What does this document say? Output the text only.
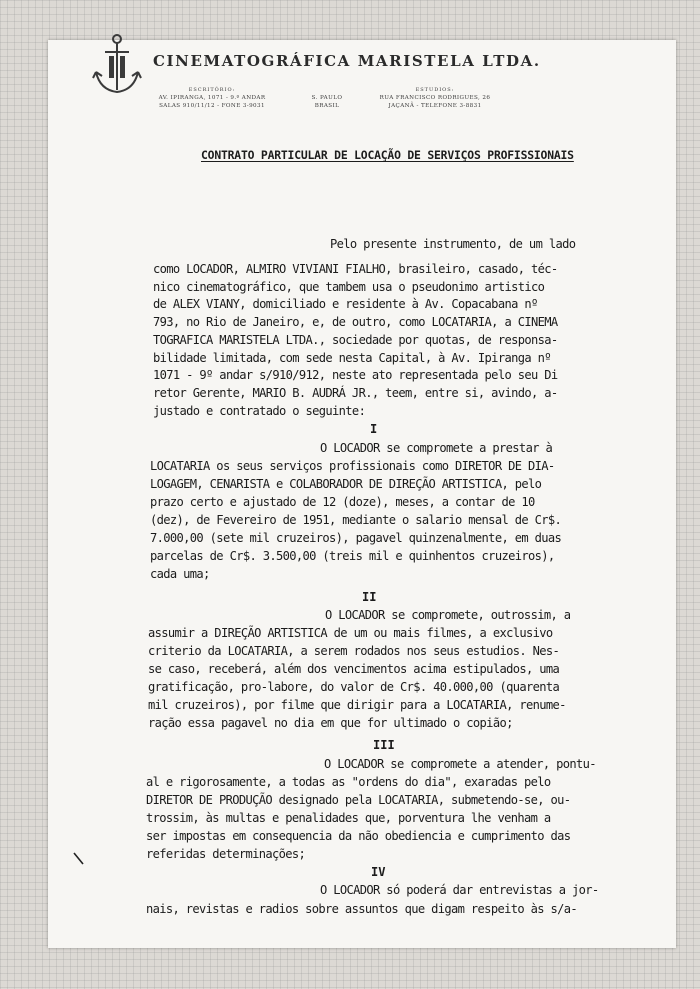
CINEMATOGRÁFICA MARISTELA LTDA.
ESCRITÓRIO:
AV. IPIRANGA, 1071 - 9.º ANDAR
SALAS 910/11/12 - FONE 3-9031

S. PAULO
BRASIL
ESTUDIOS:
RUA FRANCISCO RODRIGUES, 26
JAÇANÃ - TELEFONE 3-8831
CONTRATO PARTICULAR DE LOCAÇÃO DE SERVIÇOS PROFISSIONAIS

Pelo presente instrumento, de um lado

como LOCADOR, ALMIRO VIVIANI FIALHO, brasileiro, casado, téc-

nico cinematográfico, que tambem usa o pseudonimo artistico

de ALEX VIANY, domiciliado e residente à Av. Copacabana nº

793, no Rio de Janeiro, e, de outro, como LOCATARIA, a CINEMA

TOGRAFICA MARISTELA LTDA., sociedade por quotas, de responsa-

bilidade limitada, com sede nesta Capital, à Av. Ipiranga nº

1071 - 9º andar s/910/912, neste ato representada pelo seu Di

retor Gerente, MARIO B. AUDRÁ JR., teem, entre si, avindo, a-

justado e contratado o seguinte:

I

O LOCADOR se compromete a prestar à

LOCATARIA os seus serviços profissionais como DIRETOR DE DIA-

LOGAGEM, CENARISTA e COLABORADOR DE DIREÇÃO ARTISTICA, pelo

prazo certo e ajustado de 12 (doze), meses, a contar de 10

(dez), de Fevereiro de 1951, mediante o salario mensal de Cr$.

7.000,00 (sete mil cruzeiros), pagavel quinzenalmente, em duas

parcelas de Cr$. 3.500,00 (treis mil e quinhentos cruzeiros),

cada uma;

II

O LOCADOR se compromete, outrossim, a

assumir a DIREÇÃO ARTISTICA de um ou mais filmes, a exclusivo

criterio da LOCATARIA, a serem rodados nos seus estudios. Nes-

se caso, receberá, além dos vencimentos acima estipulados, uma

gratificação, pro-labore, do valor de Cr$. 40.000,00 (quarenta

mil cruzeiros), por filme que dirigir para a LOCATARIA, renume-

ração essa pagavel no dia em que for ultimado o copião;

III

O LOCADOR se compromete a atender, pontu-

al e rigorosamente, a todas as "ordens do dia", exaradas pelo

DIRETOR DE PRODUÇÃO designado pela LOCATARIA, submetendo-se, ou-

trossim, às multas e penalidades que, porventura lhe venham a

ser impostas em consequencia da não obediencia e cumprimento das

referidas determinações;

IV

O LOCADOR só poderá dar entrevistas a jor-

nais, revistas e radios sobre assuntos que digam respeito às s/a-
